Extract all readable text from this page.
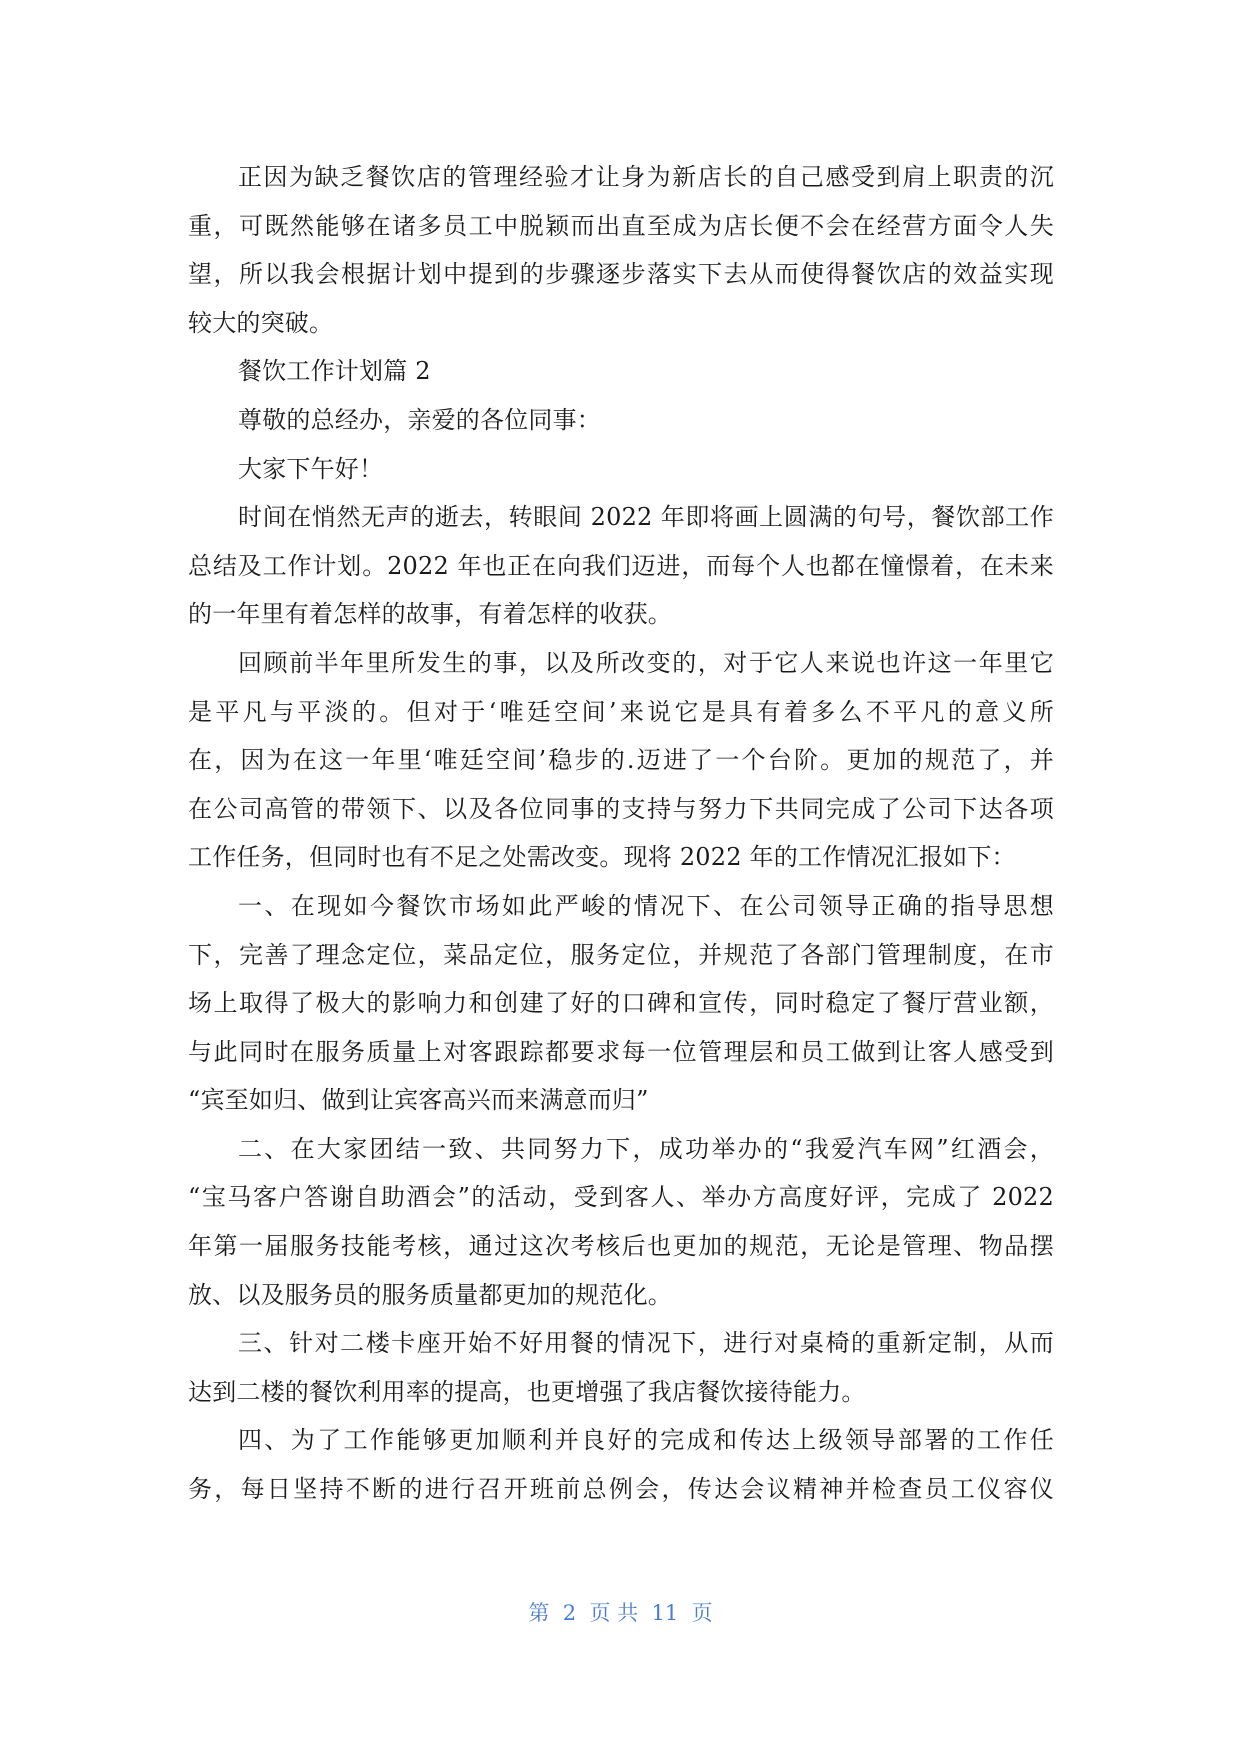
正因为缺乏餐饮店的管理经验才让身为新店长的自己感受到肩上职责的沉
重，可既然能够在诸多员工中脱颖而出直至成为店长便不会在经营方面令人失
望，所以我会根据计划中提到的步骤逐步落实下去从而使得餐饮店的效益实现
较大的突破。
餐饮工作计划篇 2
尊敬的总经办，亲爱的各位同事：
大家下午好！
时间在悄然无声的逝去，转眼间 2022 年即将画上圆满的句号，餐饮部工作
总结及工作计划。2022 年也正在向我们迈进，而每个人也都在憧憬着，在未来
的一年里有着怎样的故事，有着怎样的收获。
回顾前半年里所发生的事，以及所改变的，对于它人来说也许这一年里它
是平凡与平淡的。但对于‘唯廷空间’来说它是具有着多么不平凡的意义所
在，因为在这一年里‘唯廷空间’稳步的.迈进了一个台阶。更加的规范了，并
在公司高管的带领下、以及各位同事的支持与努力下共同完成了公司下达各项
工作任务，但同时也有不足之处需改变。现将 2022 年的工作情况汇报如下：
一、在现如今餐饮市场如此严峻的情况下、在公司领导正确的指导思想
下，完善了理念定位，菜品定位，服务定位，并规范了各部门管理制度，在市
场上取得了极大的影响力和创建了好的口碑和宣传，同时稳定了餐厅营业额，
与此同时在服务质量上对客跟踪都要求每一位管理层和员工做到让客人感受到
“宾至如归、做到让宾客高兴而来满意而归”
二、在大家团结一致、共同努力下，成功举办的“我爱汽车网”红酒会，
“宝马客户答谢自助酒会”的活动，受到客人、举办方高度好评，完成了 2022
年第一届服务技能考核，通过这次考核后也更加的规范，无论是管理、物品摆
放、以及服务员的服务质量都更加的规范化。
三、针对二楼卡座开始不好用餐的情况下，进行对桌椅的重新定制，从而
达到二楼的餐饮利用率的提高，也更增强了我店餐饮接待能力。
四、为了工作能够更加顺利并良好的完成和传达上级领导部署的工作任
务，每日坚持不断的进行召开班前总例会，传达会议精神并检查员工仪容仪
第  2  页 共  11  页
